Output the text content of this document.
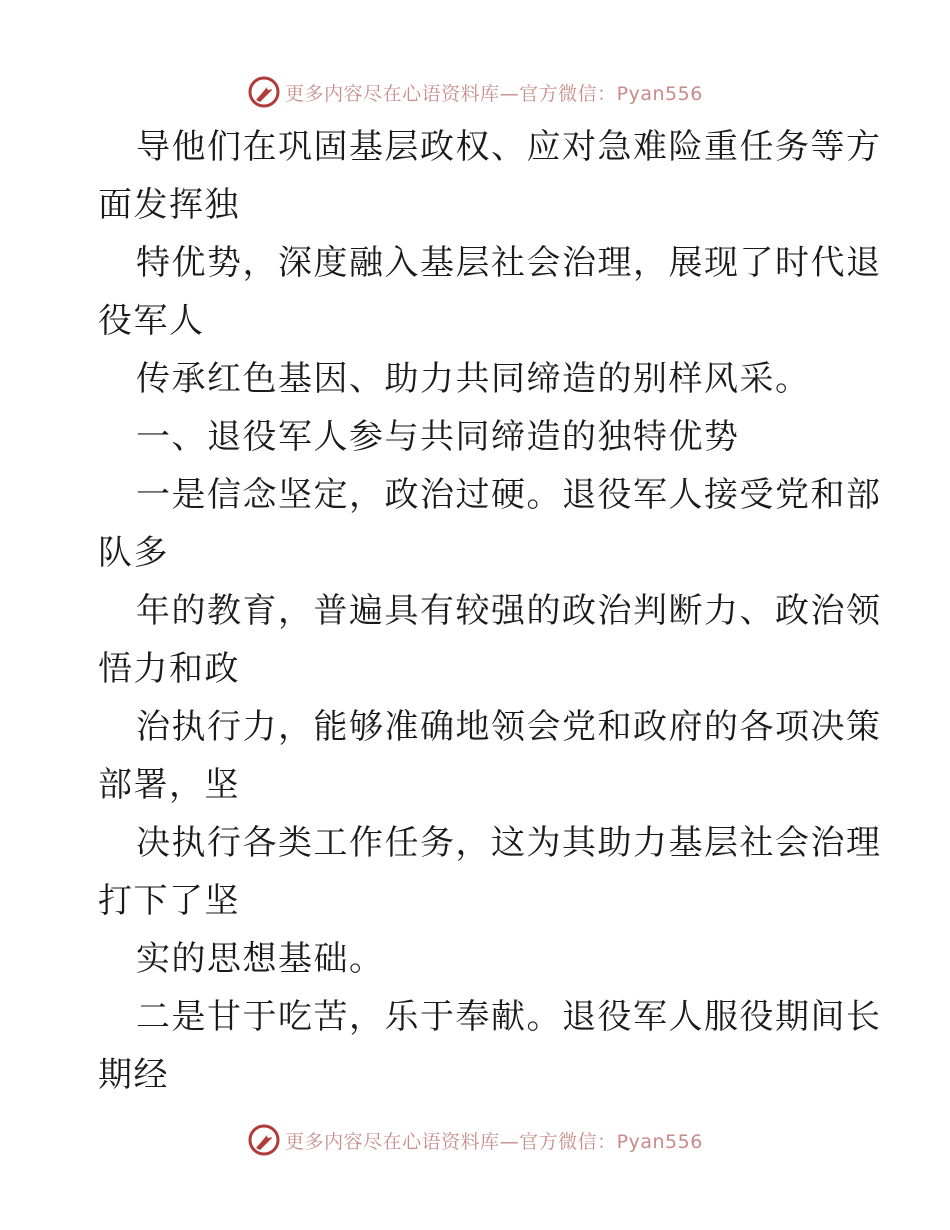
更多内容尽在心语资料库—官方微信：Pyan556
导他们在巩固基层政权、应对急难险重任务等方
面发挥独
特优势，深度融入基层社会治理，展现了时代退
役军人
传承红色基因、助力共同缔造的别样风采。
一、退役军人参与共同缔造的独特优势
一是信念坚定，政治过硬。退役军人接受党和部
队多
年的教育，普遍具有较强的政治判断力、政治领
悟力和政
治执行力，能够准确地领会党和政府的各项决策
部署，坚
决执行各类工作任务，这为其助力基层社会治理
打下了坚
实的思想基础。
二是甘于吃苦，乐于奉献。退役军人服役期间长
期经
更多内容尽在心语资料库—官方微信：Pyan556
